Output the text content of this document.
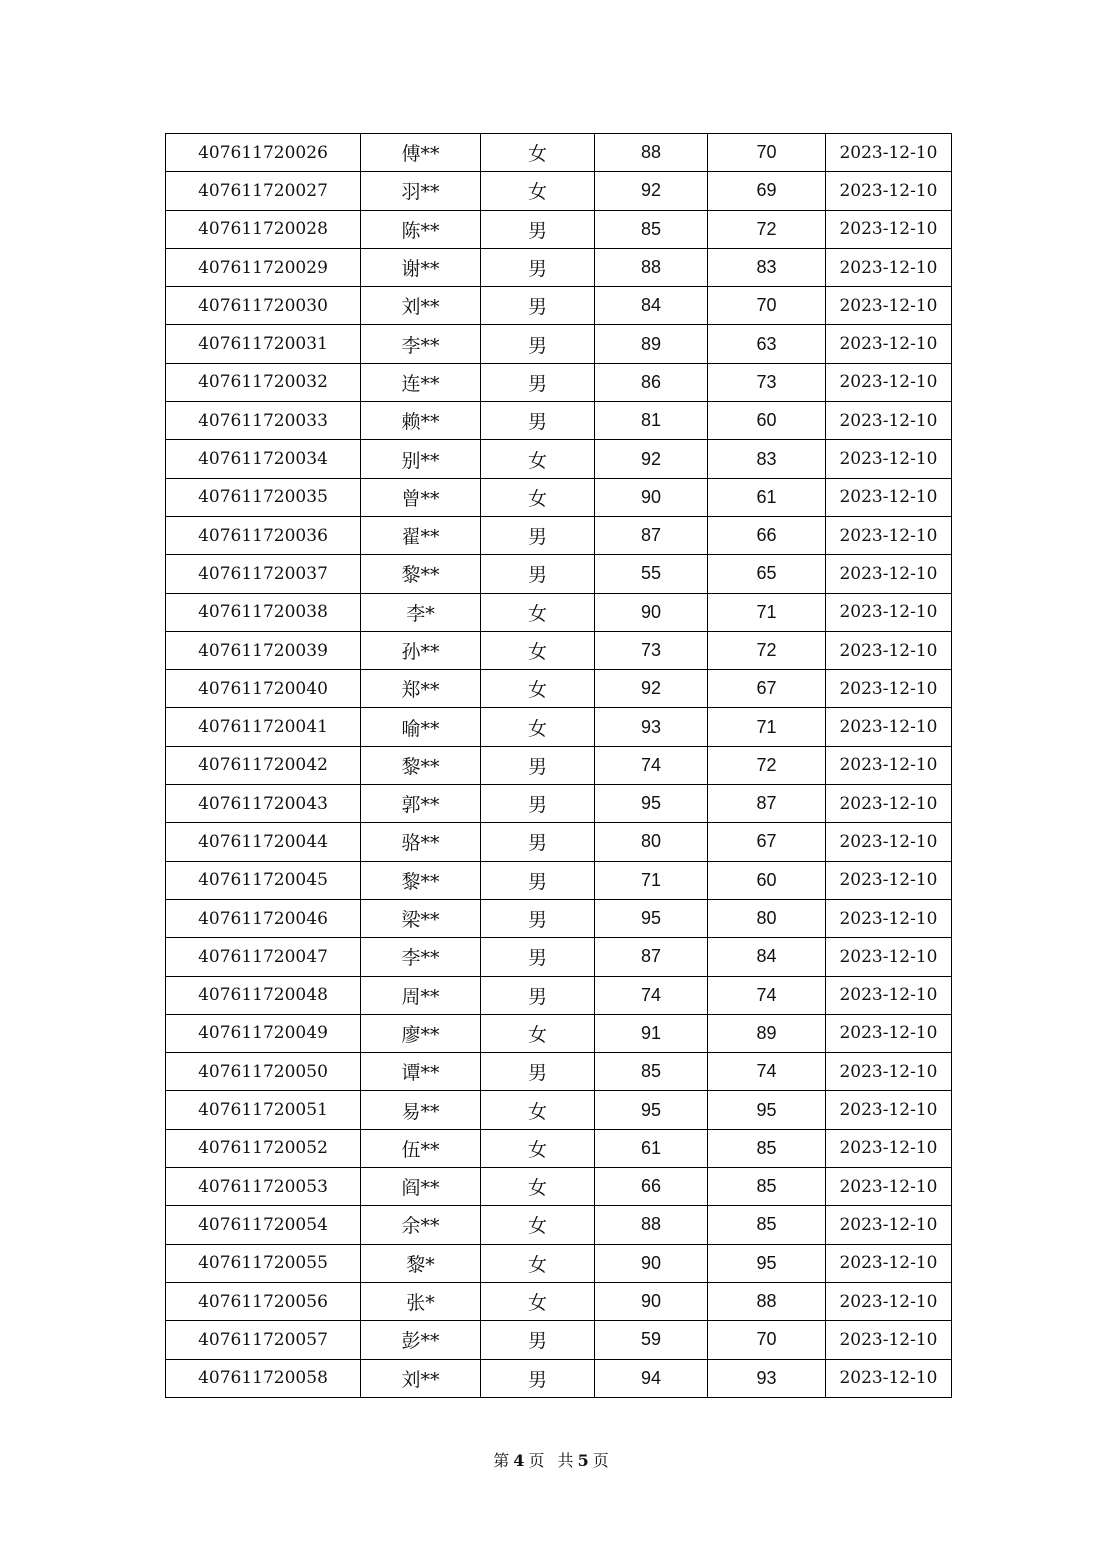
407611720026	傅**	女	88	70	2023-12-10
407611720027	羽**	女	92	69	2023-12-10
407611720028	陈**	男	85	72	2023-12-10
407611720029	谢**	男	88	83	2023-12-10
407611720030	刘**	男	84	70	2023-12-10
407611720031	李**	男	89	63	2023-12-10
407611720032	连**	男	86	73	2023-12-10
407611720033	赖**	男	81	60	2023-12-10
407611720034	别**	女	92	83	2023-12-10
407611720035	曾**	女	90	61	2023-12-10
407611720036	翟**	男	87	66	2023-12-10
407611720037	黎**	男	55	65	2023-12-10
407611720038	李*	女	90	71	2023-12-10
407611720039	孙**	女	73	72	2023-12-10
407611720040	郑**	女	92	67	2023-12-10
407611720041	喻**	女	93	71	2023-12-10
407611720042	黎**	男	74	72	2023-12-10
407611720043	郭**	男	95	87	2023-12-10
407611720044	骆**	男	80	67	2023-12-10
407611720045	黎**	男	71	60	2023-12-10
407611720046	梁**	男	95	80	2023-12-10
407611720047	李**	男	87	84	2023-12-10
407611720048	周**	男	74	74	2023-12-10
407611720049	廖**	女	91	89	2023-12-10
407611720050	谭**	男	85	74	2023-12-10
407611720051	易**	女	95	95	2023-12-10
407611720052	伍**	女	61	85	2023-12-10
407611720053	阎**	女	66	85	2023-12-10
407611720054	余**	女	88	85	2023-12-10
407611720055	黎*	女	90	95	2023-12-10
407611720056	张*	女	90	88	2023-12-10
407611720057	彭**	男	59	70	2023-12-10
407611720058	刘**	男	94	93	2023-12-10
第 4 页 共 5 页
